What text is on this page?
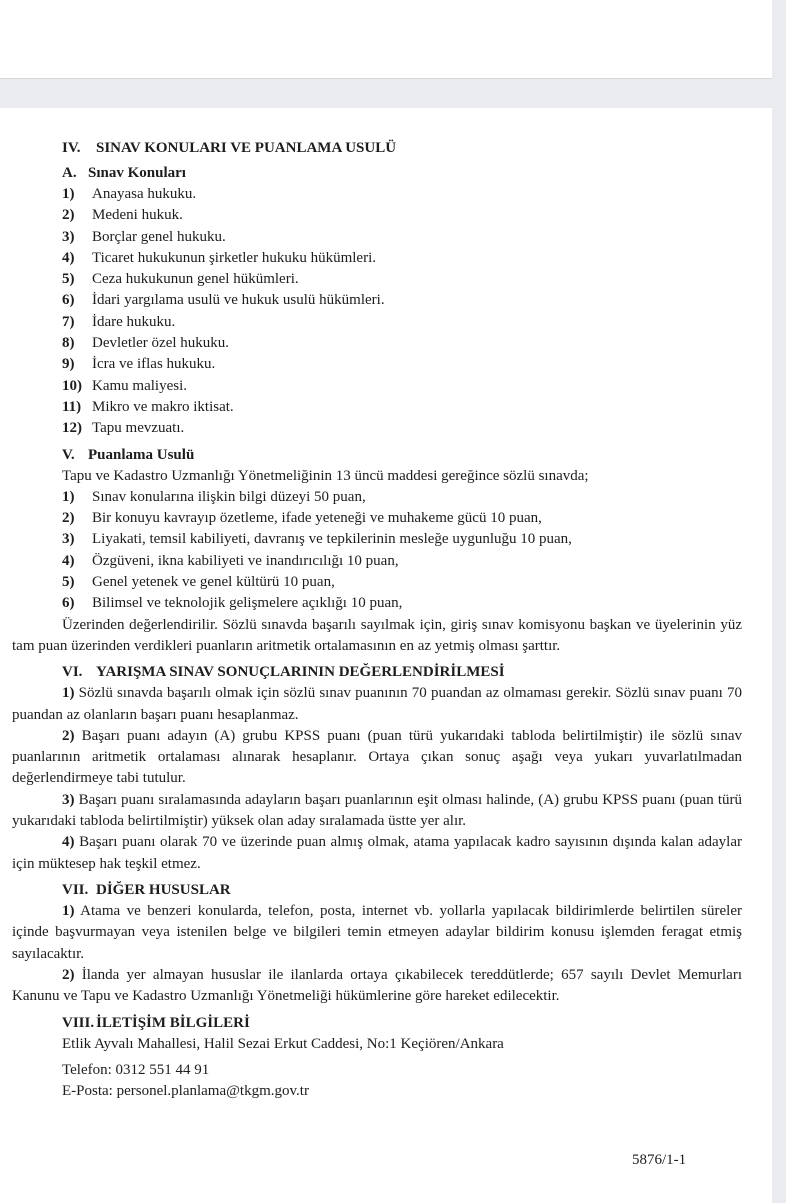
IV. SINAV KONULARI VE PUANLAMA USULÜ
A. Sınav Konuları
1) Anayasa hukuku.
2) Medeni hukuk.
3) Borçlar genel hukuku.
4) Ticaret hukukunun şirketler hukuku hükümleri.
5) Ceza hukukunun genel hükümleri.
6) İdari yargılama usulü ve hukuk usulü hükümleri.
7) İdare hukuku.
8) Devletler özel hukuku.
9) İcra ve iflas hukuku.
10) Kamu maliyesi.
11) Mikro ve makro iktisat.
12) Tapu mevzuatı.
V. Puanlama Usulü
Tapu ve Kadastro Uzmanlığı Yönetmeliğinin 13 üncü maddesi gereğince sözlü sınavda;
1) Sınav konularına ilişkin bilgi düzeyi 50 puan,
2) Bir konuyu kavrayıp özetleme, ifade yeteneği ve muhakeme gücü 10 puan,
3) Liyakati, temsil kabiliyeti, davranış ve tepkilerinin mesleğe uygunluğu 10 puan,
4) Özgüveni, ikna kabiliyeti ve inandırıcılığı 10 puan,
5) Genel yetenek ve genel kültürü 10 puan,
6) Bilimsel ve teknolojik gelişmelere açıklığı 10 puan,

Üzerinden değerlendirilir. Sözlü sınavda başarılı sayılmak için, giriş sınav komisyonu başkan ve üyelerinin yüz tam puan üzerinden verdikleri puanların aritmetik ortalamasının en az yetmiş olması şarttır.

VI. YARIŞMA SINAV SONUÇLARININ DEĞERLENDİRİLMESİ

1) Sözlü sınavda başarılı olmak için sözlü sınav puanının 70 puandan az olmaması gerekir. Sözlü sınav puanı 70 puandan az olanların başarı puanı hesaplanmaz.

2) Başarı puanı adayın (A) grubu KPSS puanı (puan türü yukarıdaki tabloda belirtilmiştir) ile sözlü sınav puanlarının aritmetik ortalaması alınarak hesaplanır. Ortaya çıkan sonuç aşağı veya yukarı yuvarlatılmadan değerlendirmeye tabi tutulur.

3) Başarı puanı sıralamasında adayların başarı puanlarının eşit olması halinde, (A) grubu KPSS puanı (puan türü yukarıdaki tabloda belirtilmiştir) yüksek olan aday sıralamada üstte yer alır.

4) Başarı puanı olarak 70 ve üzerinde puan almış olmak, atama yapılacak kadro sayısının dışında kalan adaylar için müktesep hak teşkil etmez.

VII. DİĞER HUSUSLAR

1) Atama ve benzeri konularda, telefon, posta, internet vb. yollarla yapılacak bildirimlerde belirtilen süreler içinde başvurmayan veya istenilen belge ve bilgileri temin etmeyen adaylar bildirim konusu işlemden feragat etmiş sayılacaktır.

2) İlanda yer almayan hususlar ile ilanlarda ortaya çıkabilecek tereddütlerde; 657 sayılı Devlet Memurları Kanunu ve Tapu ve Kadastro Uzmanlığı Yönetmeliği hükümlerine göre hareket edilecektir.

VIII. İLETİŞİM BİLGİLERİ
Etlik Ayvalı Mahallesi, Halil Sezai Erkut Caddesi, No:1 Keçiören/Ankara
Telefon: 0312 551 44 91
E-Posta: personel.planlama@tkgm.gov.tr
5876/1-1
